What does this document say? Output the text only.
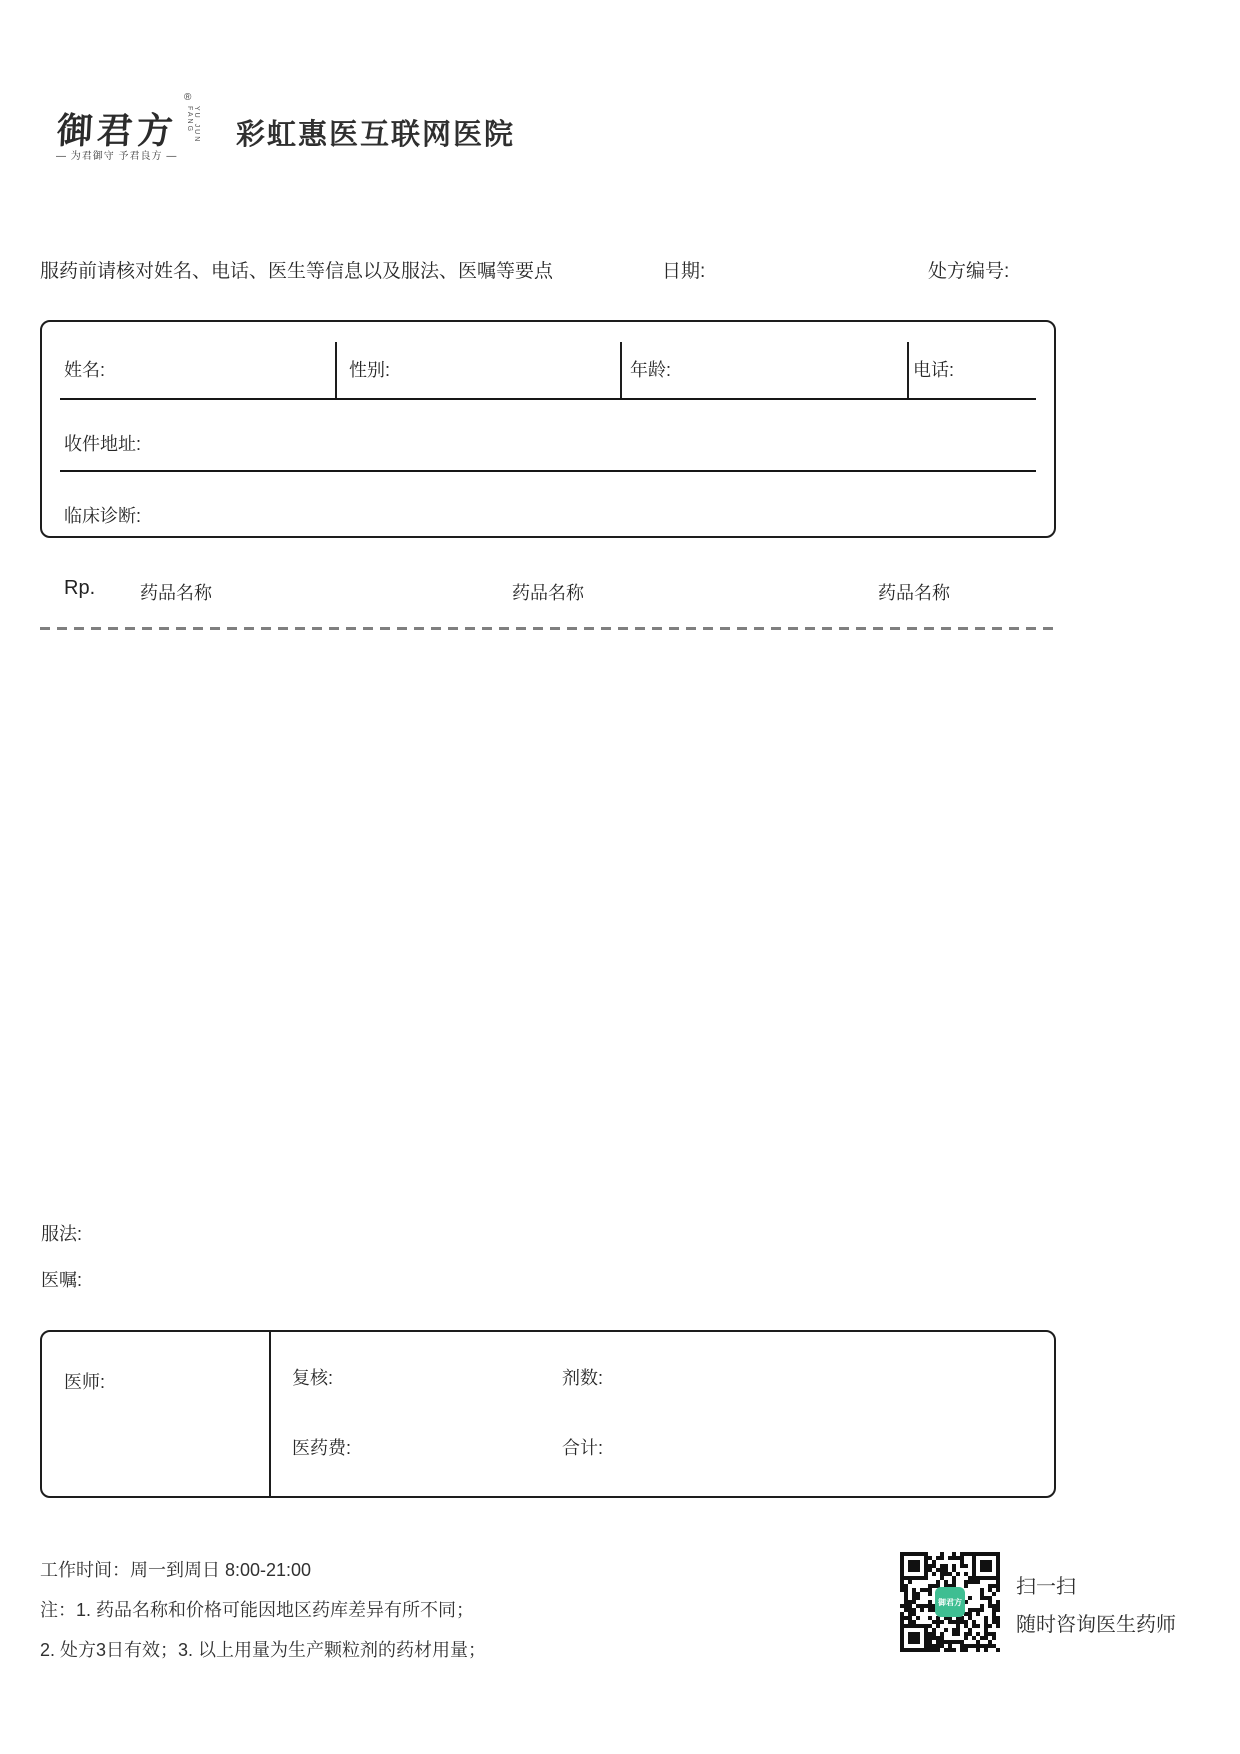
御君方
®
YU JUN FANG
— 为君御守 予君良方 —
彩虹惠医互联网医院
服药前请核对姓名、电话、医生等信息以及服法、医嘱等要点	日期:	处方编号:
姓名:	性别:	年龄:	电话:
收件地址:
临床诊断:
Rp. 药品名称	药品名称	药品名称
服法:
医嘱:
医师:	复核:	剂数:
医药费:	合计:
工作时间：周一到周日 8:00-21:00
注：1. 药品名称和价格可能因地区药库差异有所不同；
2. 处方3日有效；3. 以上用量为生产颗粒剂的药材用量；
御君方
扫一扫
随时咨询医生药师
